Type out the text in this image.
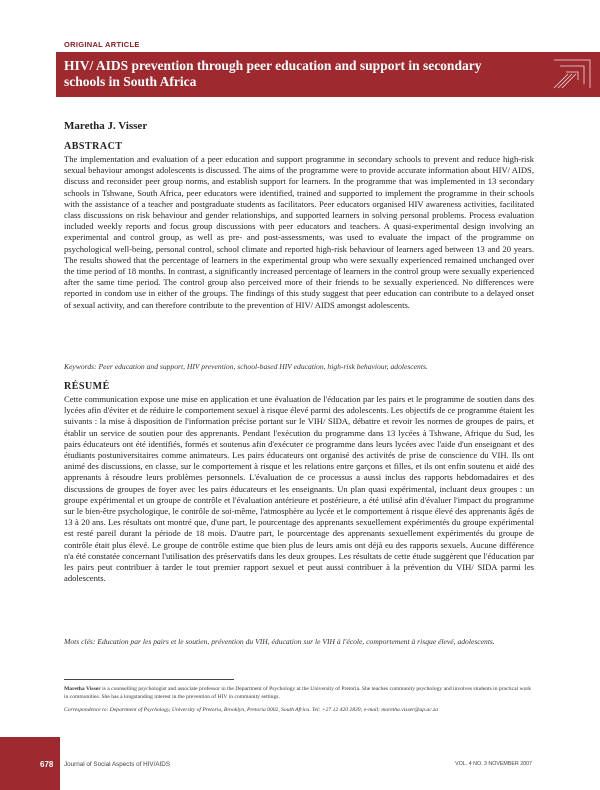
ORIGINAL ARTICLE
HIV/ AIDS prevention through peer education and support in secondary schools in South Africa
Maretha J. Visser
ABSTRACT

The implementation and evaluation of a peer education and support programme in secondary schools to prevent and reduce high-risk sexual behaviour amongst adolescents is discussed. The aims of the programme were to provide accurate information about HIV/ AIDS, discuss and reconsider peer group norms, and establish support for learners. In the programme that was implemented in 13 secondary schools in Tshwane, South Africa, peer educators were identified, trained and supported to implement the programme in their schools with the assistance of a teacher and postgraduate students as facilitators. Peer educators organised HIV awareness activities, facilitated class discussions on risk behaviour and gender relationships, and supported learners in solving personal problems. Process evaluation included weekly reports and focus group discussions with peer educators and teachers. A quasi-experimental design involving an experimental and control group, as well as pre- and post-assessments, was used to evaluate the impact of the programme on psychological well-being, personal control, school climate and reported high-risk behaviour of learners aged between 13 and 20 years. The results showed that the percentage of learners in the experimental group who were sexually experienced remained unchanged over the time period of 18 months. In contrast, a significantly increased percentage of learners in the control group were sexually experienced after the same time period. The control group also perceived more of their friends to be sexually experienced. No differences were reported in condom use in either of the groups. The findings of this study suggest that peer education can contribute to a delayed onset of sexual activity, and can therefore contribute to the prevention of HIV/ AIDS amongst adolescents.

Keywords: Peer education and support, HIV prevention, school-based HIV education, high-risk behaviour, adolescents.

RÉSUMÉ

Cette communication expose une mise en application et une évaluation de l'éducation par les pairs et le programme de soutien dans des lycées afin d'éviter et de réduire le comportement sexuel à risque élevé parmi des adolescents. Les objectifs de ce programme étaient les suivants : la mise à disposition de l'information précise portant sur le VIH/ SIDA, débattre et revoir les normes de groupes de pairs, et établir un service de soutien pour des apprenants. Pendant l'exécution du programme dans 13 lycées à Tshwane, Afrique du Sud, les pairs éducateurs ont été identifiés, formés et soutenus afin d'exécuter ce programme dans leurs lycées avec l'aide d'un enseignant et des étudiants postuniversitaires comme animateurs. Les pairs éducateurs ont organisé des activités de prise de conscience du VIH. Ils ont animé des discussions, en classe, sur le comportement à risque et les relations entre garçons et filles, et ils ont enfin soutenu et aidé des apprenants à résoudre leurs problèmes personnels. L'évaluation de ce processus a aussi inclus des rapports hebdomadaires et des discussions de groupes de foyer avec les pairs éducateurs et les enseignants. Un plan quasi expérimental, incluant deux groupes : un groupe expérimental et un groupe de contrôle et l'évaluation antérieure et postérieure, a été utilisé afin d'évaluer l'impact du programme sur le bien-être psychologique, le contrôle de soi-même, l'atmosphère au lycée et le comportement à risque élevé des apprenants âgés de 13 à 20 ans. Les résultats ont montré que, d'une part, le pourcentage des apprenants sexuellement expérimentés du groupe expérimental est resté pareil durant la période de 18 mois. D'autre part, le pourcentage des apprenants sexuellement expérimentés du groupe de contrôle était plus élevé. Le groupe de contrôle estime que bien plus de leurs amis ont déjà eu des rapports sexuels. Aucune différence n'a été constatée concernant l'utilisation des préservatifs dans les deux groupes. Les résultats de cette étude suggèrent que l'éducation par les pairs peut contribuer à tarder le tout premier rapport sexuel et peut aussi contribuer à la prévention du VIH/ SIDA parmi les adolescents.

Mots clés: Education par les pairs et le soutien, prévention du VIH, éducation sur le VIH à l'école, comportement à risque élevé, adolescents.

Maretha Visser is a counselling psychologist and associate professor in the Department of Psychology at the University of Pretoria. She teaches community psychology and involves students in practical work in communities. She has a longstanding interest in the prevention of HIV in community settings.

Correspondence to: Department of Psychology, University of Pretoria, Brooklyn, Pretoria 0002, South Africa. Tel: +27 12 420 2839; e-mail: maretha.visser@up.ac.za

678 Journal of Social Aspects of HIV/AIDS	VOL. 4 NO. 3 NOVEMBER 2007
